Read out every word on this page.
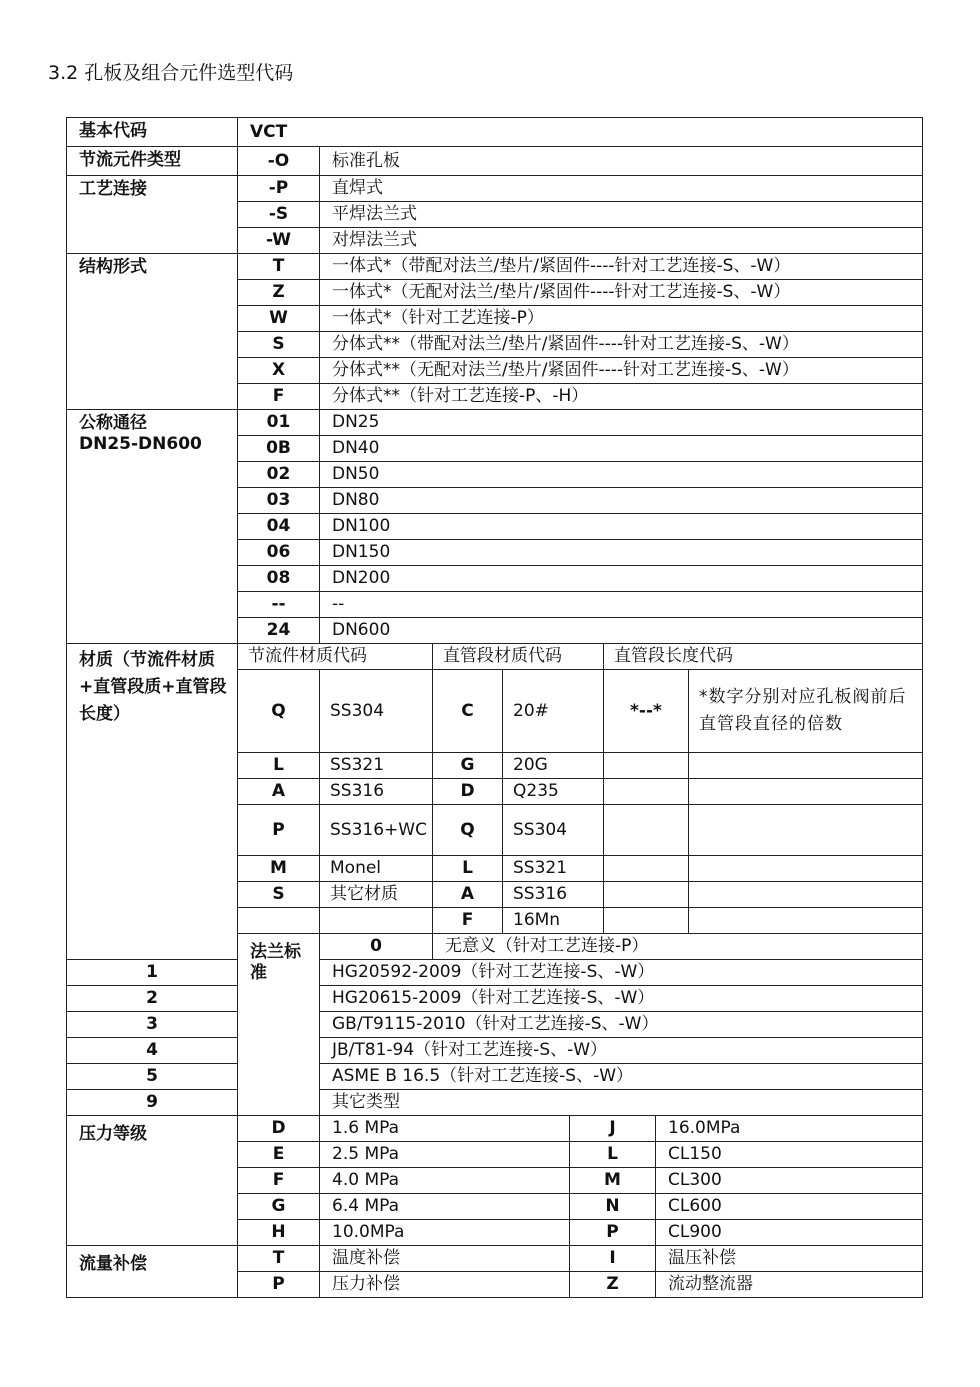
3.2 孔板及组合元件选型代码
基本代码	VCT							
节流元件类型	-O	标准孔板						
工艺连接	-P	直焊式						
	-S	平焊法兰式						
	-W	对焊法兰式						
结构形式	T	一体式*（带配对法兰/垫片/紧固件----针对工艺连接-S、-W）						
	Z	一体式*（无配对法兰/垫片/紧固件----针对工艺连接-S、-W）						
	W	一体式*（针对工艺连接-P）						
	S	分体式**（带配对法兰/垫片/紧固件----针对工艺连接-S、-W）						
	X	分体式**（无配对法兰/垫片/紧固件----针对工艺连接-S、-W）						
	F	分体式**（针对工艺连接-P、-H）						

公称通径
DN25-DN600	01	DN25						
	0B	DN40						
	02	DN50						
	03	DN80						
	04	DN100						
	06	DN150						
	08	DN200						
	--	--						
	24	DN600						
材质（节流件材质+直管段质+直管段长度）	节流件材质代码		直管段材质代码			直管段长度代码		
	Q	SS304	C	20#		*--*		*数字分别对应孔板阀前后直管段直径的倍数
	L	SS321	G	20G				
	A	SS316	D	Q235				
	P	SS316+WC	Q	SS304				
	M	Monel	L	SS321				
	S	其它材质	A	SS316				
			F	16Mn				
	法兰标准	0	无意义（针对工艺连接-P）					
1		HG20592-2009（针对工艺连接-S、-W）						
2		HG20615-2009（针对工艺连接-S、-W）						
3		GB/T9115-2010（针对工艺连接-S、-W）						
4		JB/T81-94（针对工艺连接-S、-W）						
5		ASME B 16.5（针对工艺连接-S、-W）						
9		其它类型						
压力等级	D	1.6 MPa			J		16.0MPa	
	E	2.5 MPa			L		CL150	
	F	4.0 MPa			M		CL300	
	G	6.4 MPa			N		CL600	
	H	10.0MPa			P		CL900	
流量补偿	T	温度补偿			I		温压补偿	
	P	压力补偿			Z		流动整流器	
